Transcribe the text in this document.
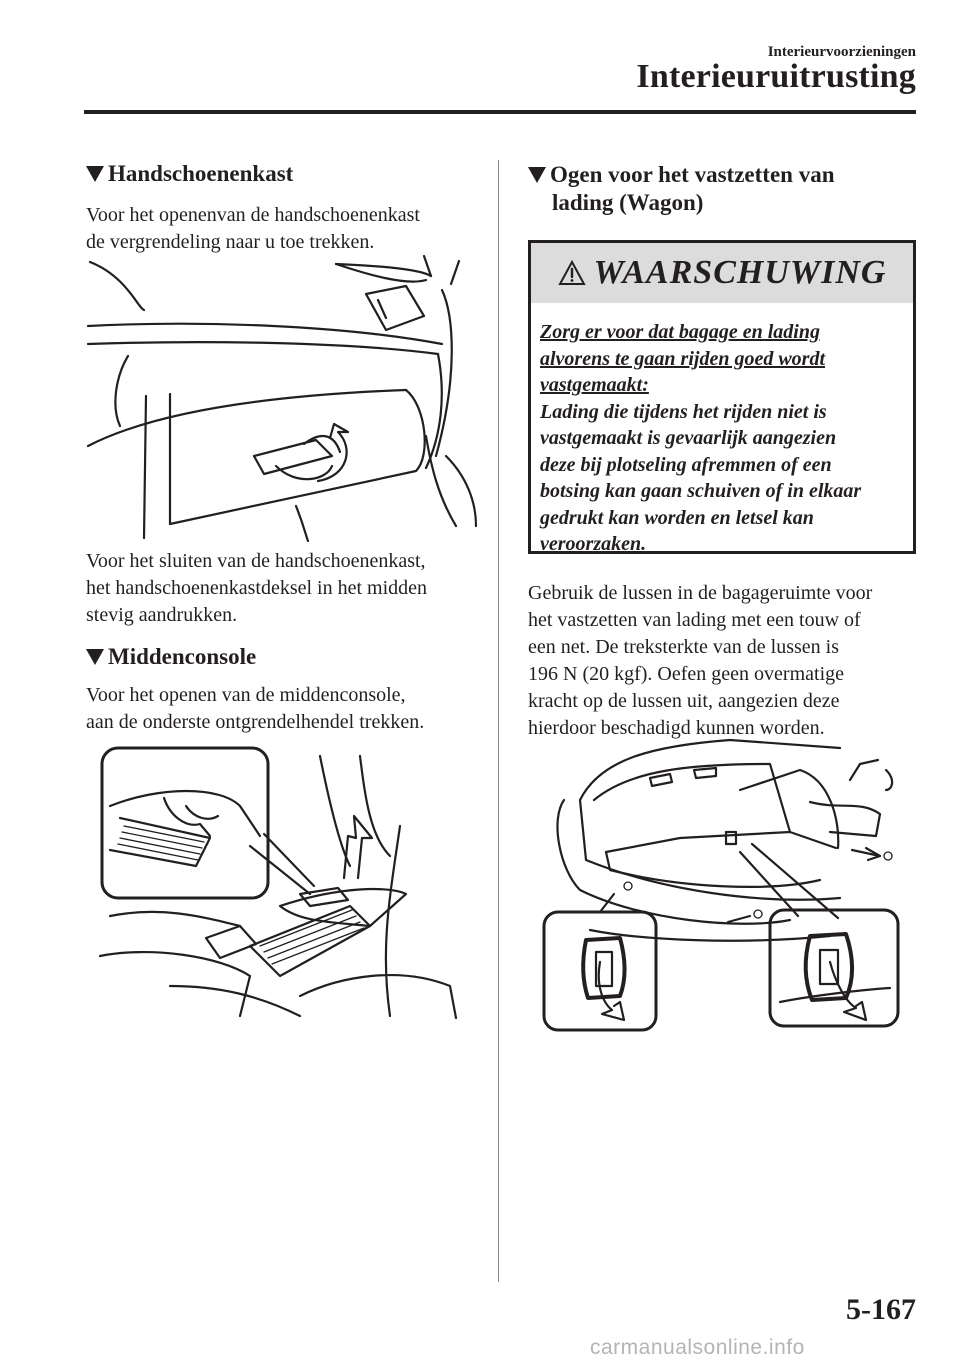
Interieurvoorzieningen
Interieuruitrusting
Handschoenenkast
Voor het openenvan de handschoenenkast
de vergrendeling naar u toe trekken.
Voor het sluiten van de handschoenenkast,
het handschoenenkastdeksel in het midden
stevig aandrukken.
Middenconsole
Voor het openen van de middenconsole,
aan de onderste ontgrendelhendel trekken.
Ogen voor het vastzetten van
lading (Wagon)
WAARSCHUWING
Zorg er voor dat bagage en lading
alvorens te gaan rijden goed wordt
vastgemaakt:
Lading die tijdens het rijden niet is
vastgemaakt is gevaarlijk aangezien
deze bij plotseling afremmen of een
botsing kan gaan schuiven of in elkaar
gedrukt kan worden en letsel kan
veroorzaken.
Gebruik de lussen in de bagageruimte voor
het vastzetten van lading met een touw of
een net. De treksterkte van de lussen is
196 N (20 kgf). Oefen geen overmatige
kracht op de lussen uit, aangezien deze
hierdoor beschadigd kunnen worden.
5-167
carmanualsonline.info
